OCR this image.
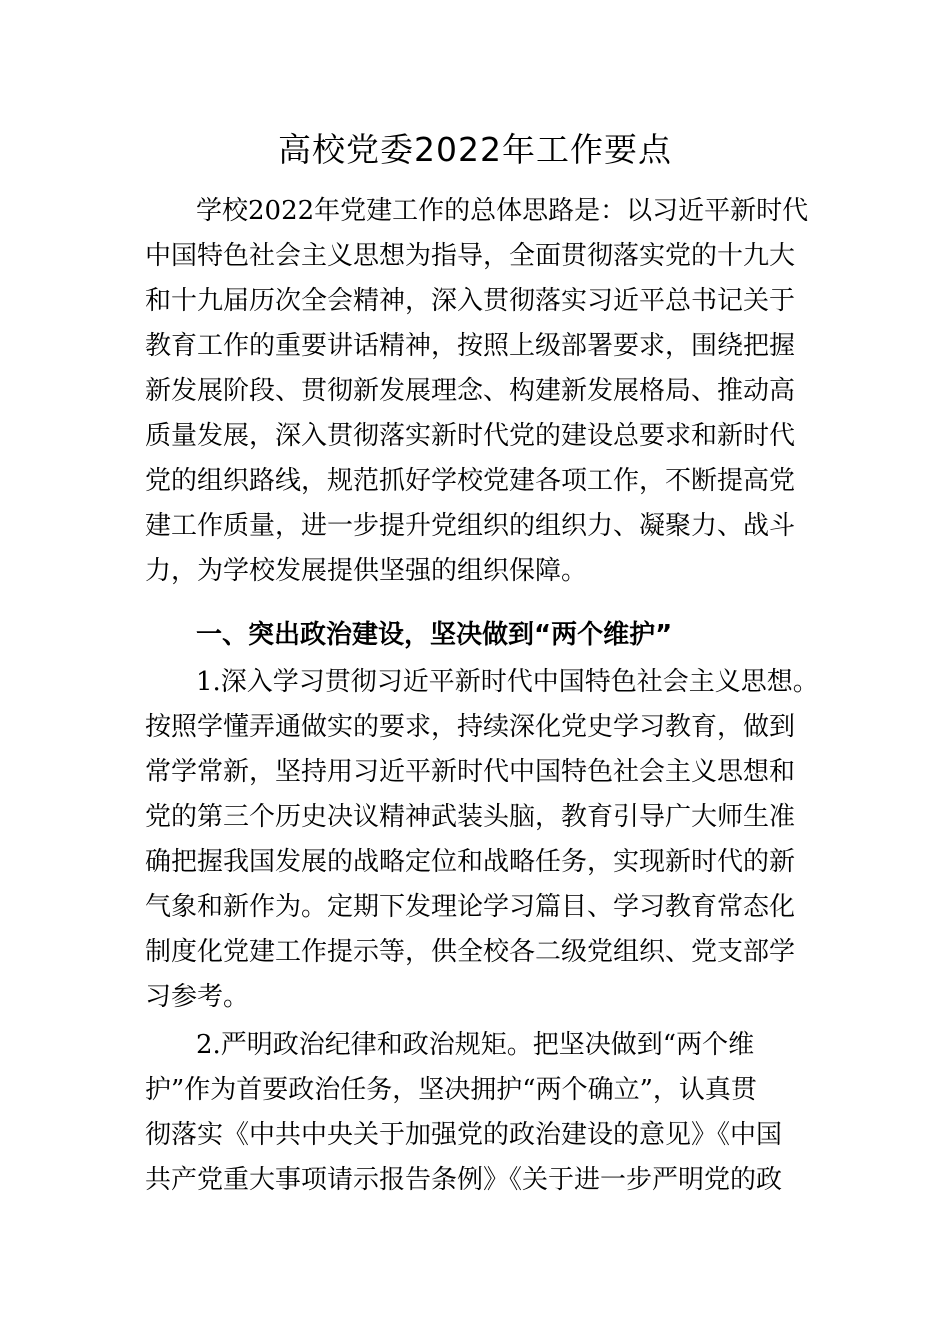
高校党委2022年工作要点
学校2022年党建工作的总体思路是：以习近平新时代
中国特色社会主义思想为指导，全面贯彻落实党的十九大
和十九届历次全会精神，深入贯彻落实习近平总书记关于
教育工作的重要讲话精神，按照上级部署要求，围绕把握
新发展阶段、贯彻新发展理念、构建新发展格局、推动高
质量发展，深入贯彻落实新时代党的建设总要求和新时代
党的组织路线，规范抓好学校党建各项工作，不断提高党
建工作质量，进一步提升党组织的组织力、凝聚力、战斗
力，为学校发展提供坚强的组织保障。
一、突出政治建设，坚决做到“两个维护”
1.深入学习贯彻习近平新时代中国特色社会主义思想。
按照学懂弄通做实的要求，持续深化党史学习教育，做到
常学常新，坚持用习近平新时代中国特色社会主义思想和
党的第三个历史决议精神武装头脑，教育引导广大师生准
确把握我国发展的战略定位和战略任务，实现新时代的新
气象和新作为。定期下发理论学习篇目、学习教育常态化
制度化党建工作提示等，供全校各二级党组织、党支部学
习参考。
2.严明政治纪律和政治规矩。把坚决做到“两个维
护”作为首要政治任务，坚决拥护“两个确立”，认真贯
彻落实《中共中央关于加强党的政治建设的意见》《中国
共产党重大事项请示报告条例》《关于进一步严明党的政
